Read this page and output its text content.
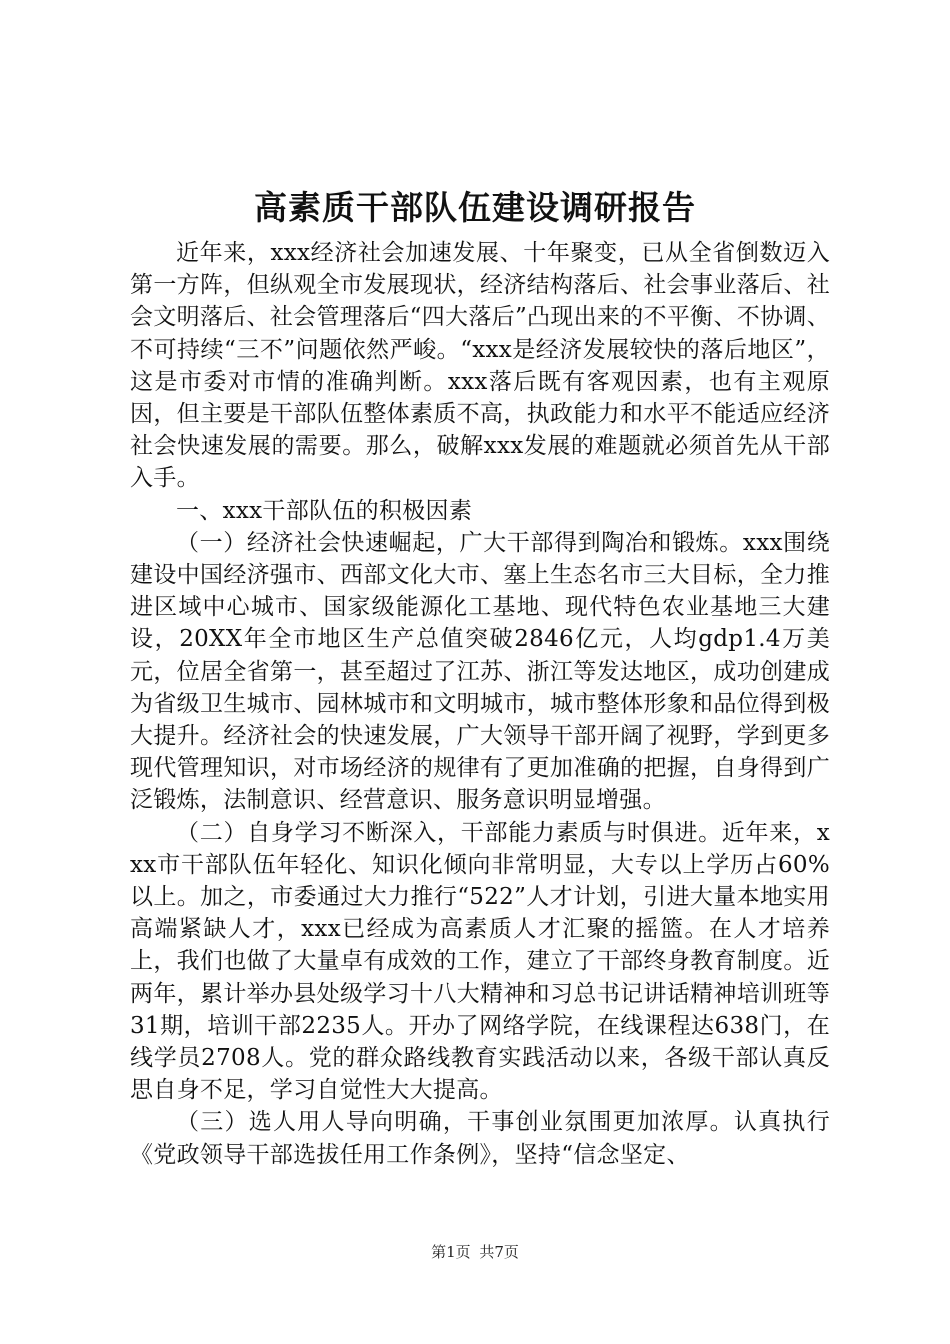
高素质干部队伍建设调研报告

近年来，xxx经济社会加速发展、十年聚变，已从全省倒数迈入第一方阵，但纵观全市发展现状，经济结构落后、社会事业落后、社会文明落后、社会管理落后“四大落后”凸现出来的不平衡、不协调、不可持续“三不”问题依然严峻。“xxx是经济发展较快的落后地区”，这是市委对市情的准确判断。xxx落后既有客观因素，也有主观原因，但主要是干部队伍整体素质不高，执政能力和水平不能适应经济社会快速发展的需要。那么，破解xxx发展的难题就必须首先从干部入手。

一、xxx干部队伍的积极因素

（一）经济社会快速崛起，广大干部得到陶冶和锻炼。xxx围绕建设中国经济强市、西部文化大市、塞上生态名市三大目标，全力推进区域中心城市、国家级能源化工基地、现代特色农业基地三大建设，20XX年全市地区生产总值突破2846亿元，人均gdp1.4万美元，位居全省第一，甚至超过了江苏、浙江等发达地区，成功创建成为省级卫生城市、园林城市和文明城市，城市整体形象和品位得到极大提升。经济社会的快速发展，广大领导干部开阔了视野，学到更多现代管理知识，对市场经济的规律有了更加准确的把握，自身得到广泛锻炼，法制意识、经营意识、服务意识明显增强。

（二）自身学习不断深入，干部能力素质与时俱进。近年来，xxx市干部队伍年轻化、知识化倾向非常明显，大专以上学历占60%以上。加之，市委通过大力推行“522”人才计划，引进大量本地实用高端紧缺人才，xxx已经成为高素质人才汇聚的摇篮。在人才培养上，我们也做了大量卓有成效的工作，建立了干部终身教育制度。近两年，累计举办县处级学习十八大精神和习总书记讲话精神培训班等31期，培训干部2235人。开办了网络学院，在线课程达638门，在线学员2708人。党的群众路线教育实践活动以来，各级干部认真反思自身不足，学习自觉性大大提高。

（三）选人用人导向明确，干事创业氛围更加浓厚。认真执行《党政领导干部选拔任用工作条例》，坚持“信念坚定、

第1页 共7页
